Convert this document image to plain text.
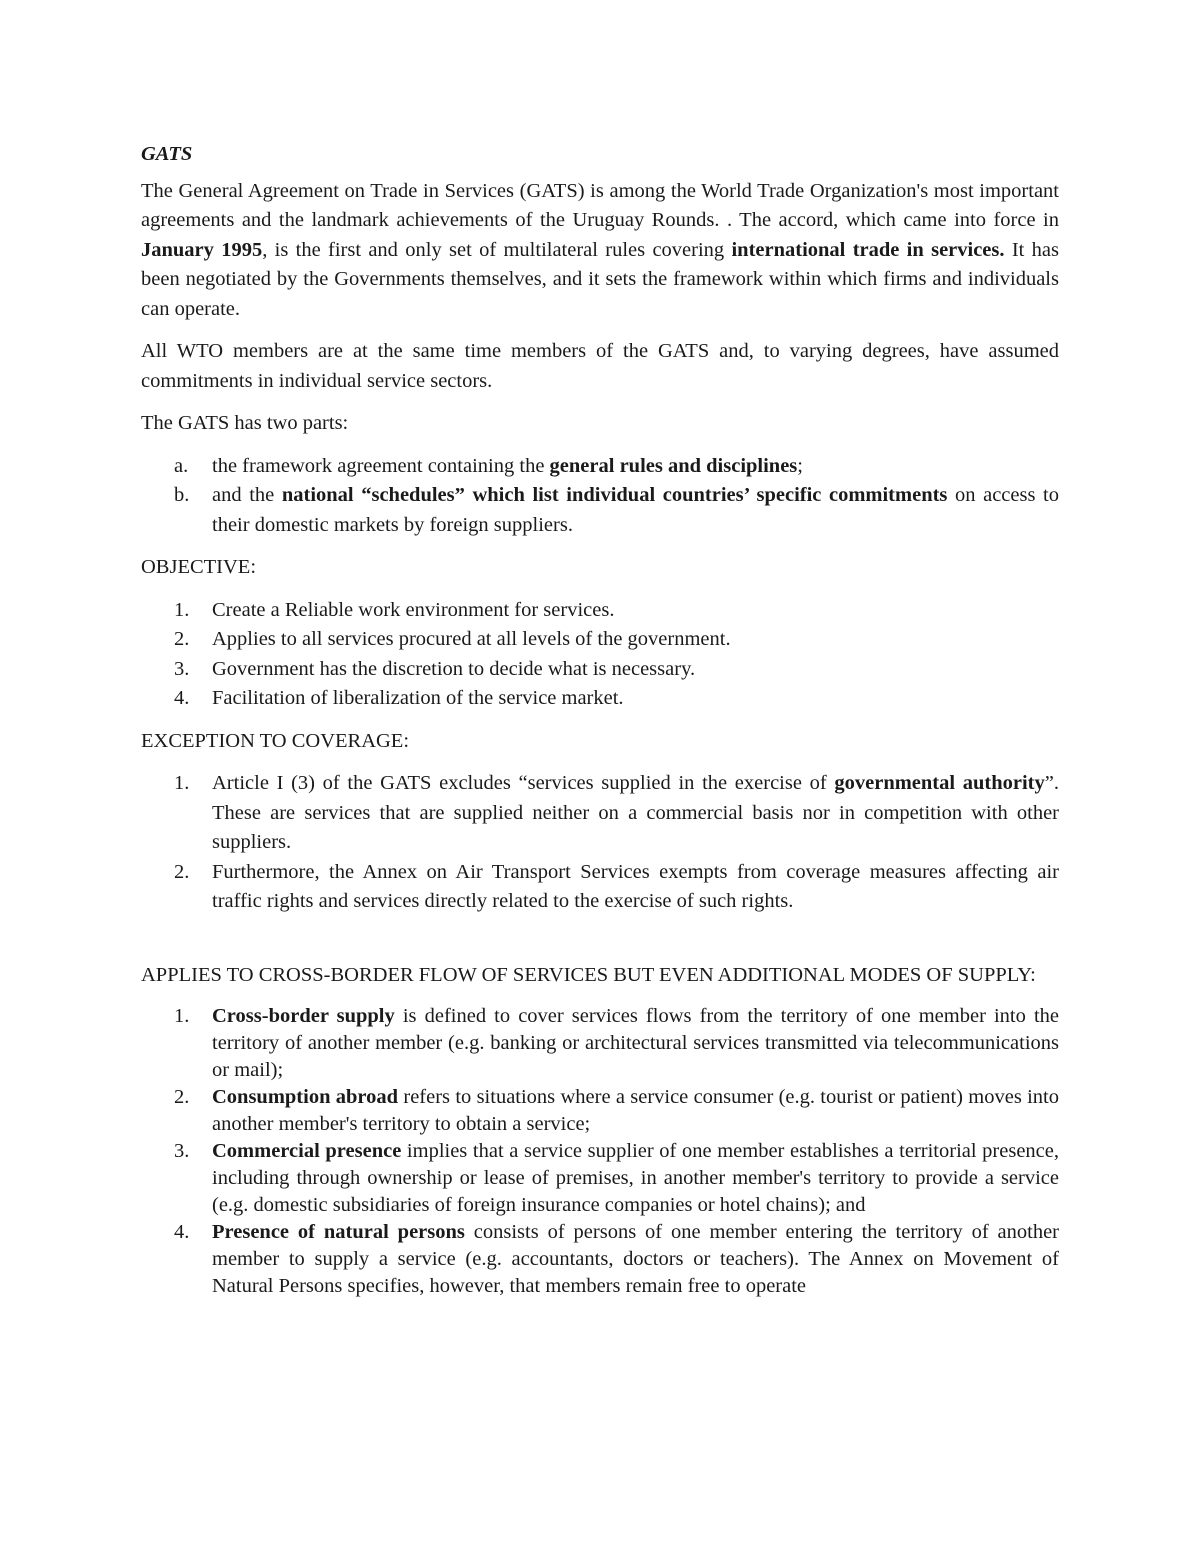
GATS

The General Agreement on Trade in Services (GATS) is among the World Trade Organization's most important agreements and the landmark achievements of the Uruguay Rounds. . The accord, which came into force in January 1995, is the first and only set of multilateral rules covering international trade in services. It has been negotiated by the Governments themselves, and it sets the framework within which firms and individuals can operate.

All WTO members are at the same time members of the GATS and, to varying degrees, have assumed commitments in individual service sectors.

The GATS has two parts:

a. the framework agreement containing the general rules and disciplines;
b. and the national “schedules” which list individual countries’ specific commitments on access to their domestic markets by foreign suppliers.
OBJECTIVE:
1. Create a Reliable work environment for services.
2. Applies to all services procured at all levels of the government.
3. Government has the discretion to decide what is necessary.
4. Facilitation of liberalization of the service market.
EXCEPTION TO COVERAGE:
1. Article I (3) of the GATS excludes “services supplied in the exercise of governmental authority”. These are services that are supplied neither on a commercial basis nor in competition with other suppliers.
2. Furthermore, the Annex on Air Transport Services exempts from coverage measures affecting air traffic rights and services directly related to the exercise of such rights.

APPLIES TO CROSS-BORDER FLOW OF SERVICES BUT EVEN ADDITIONAL MODES OF SUPPLY:

1. Cross-border supply is defined to cover services flows from the territory of one member into the territory of another member (e.g. banking or architectural services transmitted via telecommunications or mail);
2. Consumption abroad refers to situations where a service consumer (e.g. tourist or patient) moves into another member's territory to obtain a service;
3. Commercial presence implies that a service supplier of one member establishes a territorial presence, including through ownership or lease of premises, in another member's territory to provide a service (e.g. domestic subsidiaries of foreign insurance companies or hotel chains); and
4. Presence of natural persons consists of persons of one member entering the territory of another member to supply a service (e.g. accountants, doctors or teachers). The Annex on Movement of Natural Persons specifies, however, that members remain free to operate
